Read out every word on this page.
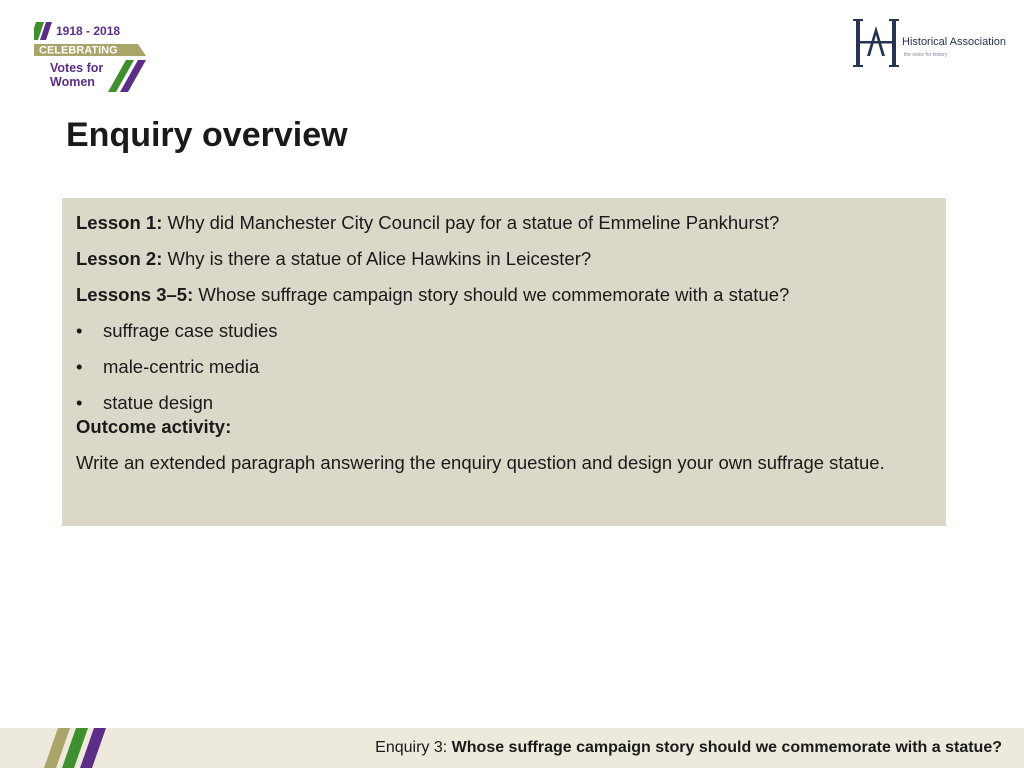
1918 - 2018
CELEBRATING
Votes for
Women
Historical Association
the voice for history
Enquiry overview

Lesson 1: Why did Manchester City Council pay for a statue of Emmeline Pankhurst?

Lesson 2: Why is there a statue of Alice Hawkins in Leicester?

Lessons 3–5: Whose suffrage campaign story should we commemorate with a statue?

•	suffrage case studies

•	male-centric media

•	statue design

Outcome activity:

Write an extended paragraph answering the enquiry question and design your own suffrage statue.

Enquiry 3: Whose suffrage campaign story should we commemorate with a statue?
